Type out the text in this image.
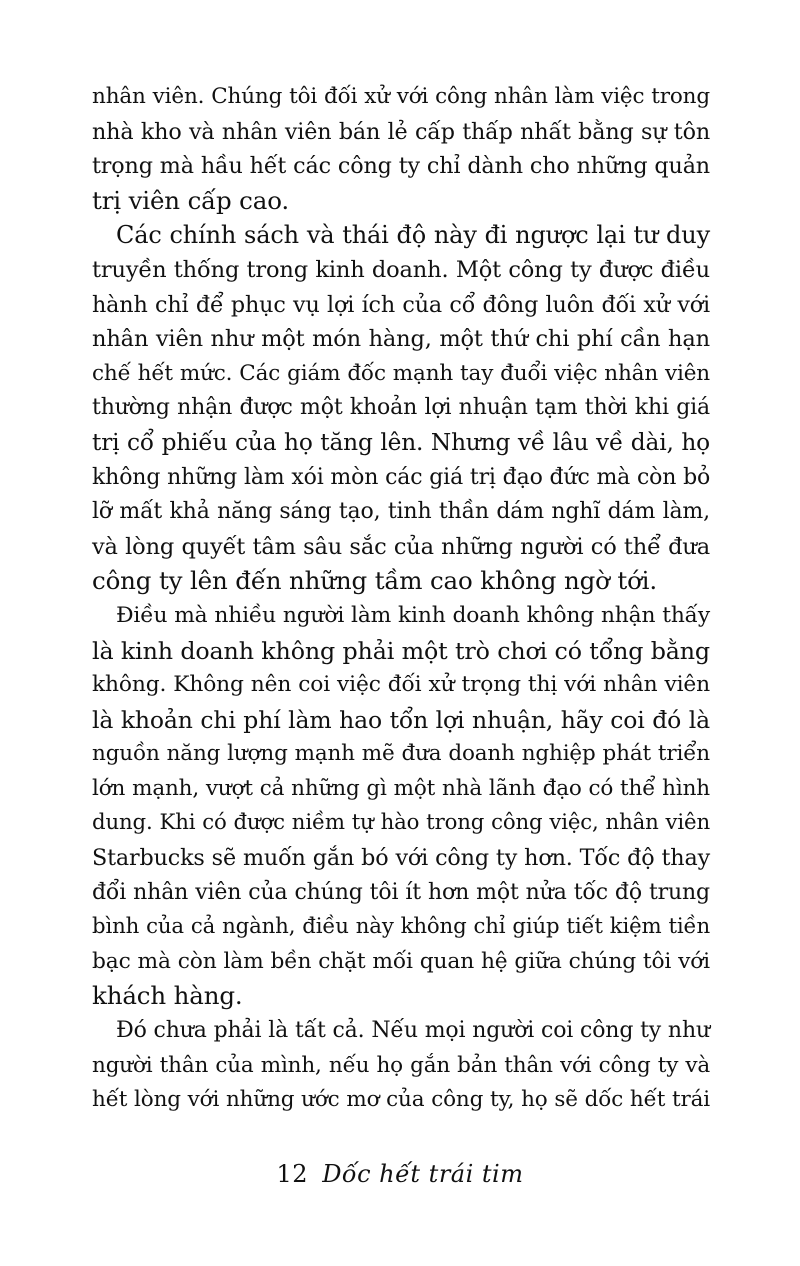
nhân viên. Chúng tôi đối xử với công nhân làm việc trong
nhà kho và nhân viên bán lẻ cấp thấp nhất bằng sự tôn
trọng mà hầu hết các công ty chỉ dành cho những quản
trị viên cấp cao.
Các chính sách và thái độ này đi ngược lại tư duy
truyền thống trong kinh doanh. Một công ty được điều
hành chỉ để phục vụ lợi ích của cổ đông luôn đối xử với
nhân viên như một món hàng, một thứ chi phí cần hạn
chế hết mức. Các giám đốc mạnh tay đuổi việc nhân viên
thường nhận được một khoản lợi nhuận tạm thời khi giá
trị cổ phiếu của họ tăng lên. Nhưng về lâu về dài, họ
không những làm xói mòn các giá trị đạo đức mà còn bỏ
lỡ mất khả năng sáng tạo, tinh thần dám nghĩ dám làm,
và lòng quyết tâm sâu sắc của những người có thể đưa
công ty lên đến những tầm cao không ngờ tới.
Điều mà nhiều người làm kinh doanh không nhận thấy
là kinh doanh không phải một trò chơi có tổng bằng
không. Không nên coi việc đối xử trọng thị với nhân viên
là khoản chi phí làm hao tổn lợi nhuận, hãy coi đó là
nguồn năng lượng mạnh mẽ đưa doanh nghiệp phát triển
lớn mạnh, vượt cả những gì một nhà lãnh đạo có thể hình
dung. Khi có được niềm tự hào trong công việc, nhân viên
Starbucks sẽ muốn gắn bó với công ty hơn. Tốc độ thay
đổi nhân viên của chúng tôi ít hơn một nửa tốc độ trung
bình của cả ngành, điều này không chỉ giúp tiết kiệm tiền
bạc mà còn làm bền chặt mối quan hệ giữa chúng tôi với
khách hàng.
Đó chưa phải là tất cả. Nếu mọi người coi công ty như
người thân của mình, nếu họ gắn bản thân với công ty và
hết lòng với những ước mơ của công ty, họ sẽ dốc hết trái
12 Dốc hết trái tim
